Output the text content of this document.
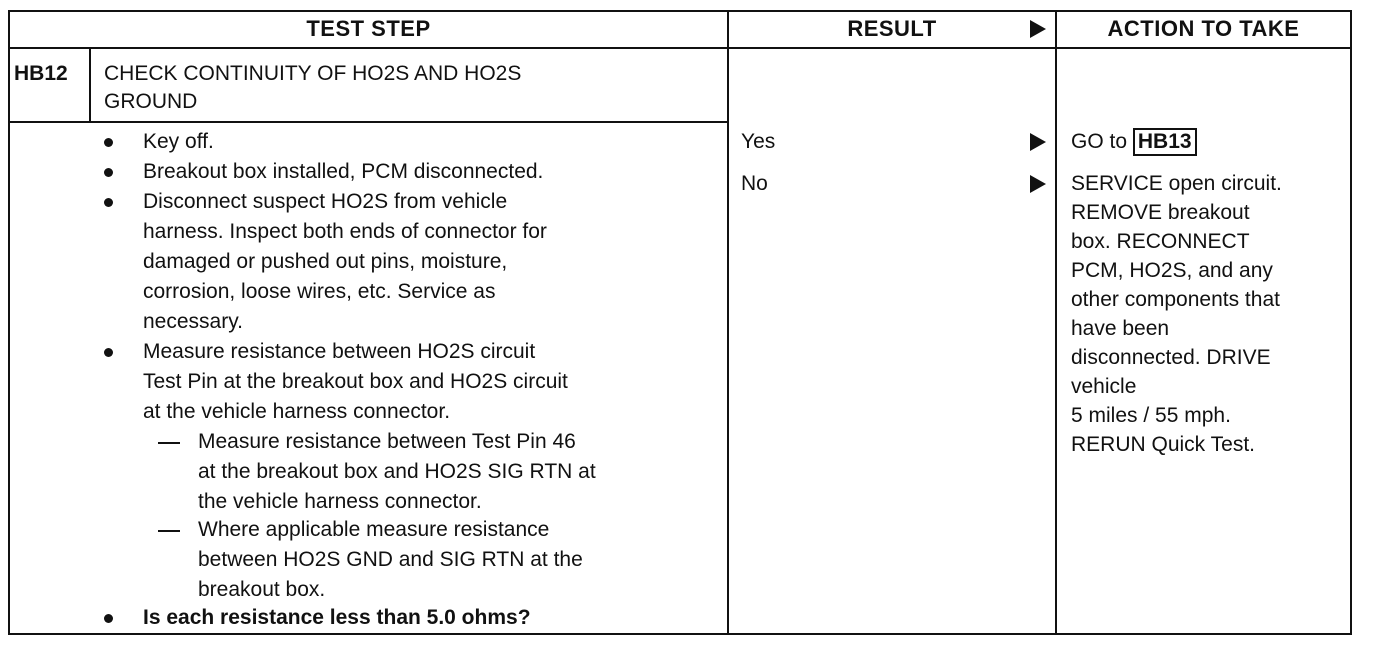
TEST STEP	RESULT	ACTION TO TAKE
HB12 CHECK CONTINUITY OF HO2S AND HO2S
GROUND
Key off.
Breakout box installed, PCM disconnected.
Disconnect suspect HO2S from vehicle
harness. Inspect both ends of connector for
damaged or pushed out pins, moisture,
corrosion, loose wires, etc. Service as
necessary.
Measure resistance between HO2S circuit
Test Pin at the breakout box and HO2S circuit
at the vehicle harness connector.
Measure resistance between Test Pin 46
at the breakout box and HO2S SIG RTN at
the vehicle harness connector.
Where applicable measure resistance
between HO2S GND and SIG RTN at the
breakout box.
Is each resistance less than 5.0 ohms?
Yes
No
GO to HB13
SERVICE open circuit.
REMOVE breakout
box. RECONNECT
PCM, HO2S, and any
other components that
have been
disconnected. DRIVE
vehicle
5 miles / 55 mph.
RERUN Quick Test.
